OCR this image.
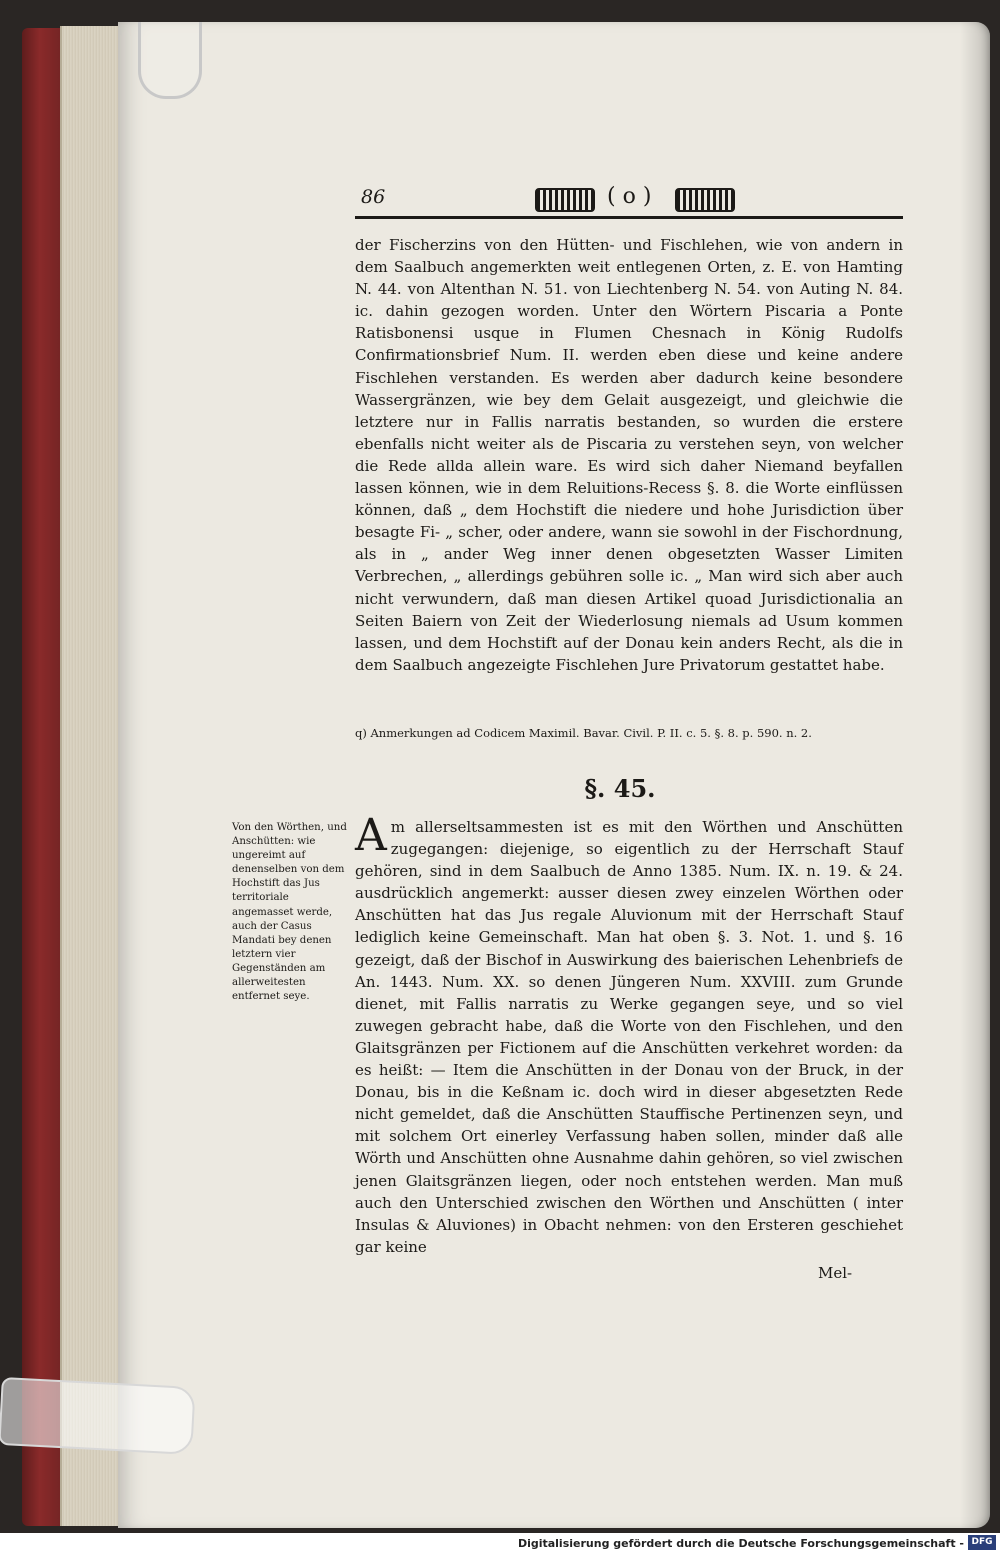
86	( o )

der Fischerzins von den Hütten- und Fischlehen, wie von andern in dem Saalbuch angemerkten weit entlegenen Orten, z. E. von Hamting N. 44. von Altenthan N. 51. von Liechtenberg N. 54. von Auting N. 84. ic. dahin gezogen worden. Unter den Wörtern Piscaria a Ponte Ratisbonensi usque in Flumen Chesnach in König Rudolfs Confirmationsbrief Num. II. werden eben diese und keine andere Fischlehen verstanden. Es werden aber dadurch keine besondere Wassergränzen, wie bey dem Gelait ausgezeigt, und gleichwie die letztere nur in Fallis narratis bestanden, so wurden die erstere ebenfalls nicht weiter als de Piscaria zu verstehen seyn, von welcher die Rede allda allein ware. Es wird sich daher Niemand beyfallen lassen können, wie in dem Reluitions-Recess §. 8. die Worte einflüssen können, daß „ dem Hochstift die niedere und hohe Jurisdiction über besagte Fi- „ scher, oder andere, wann sie sowohl in der Fischordnung, als in „ ander Weg inner denen obgesetzten Wasser Limiten Verbrechen, „ allerdings gebühren solle ic. „ Man wird sich aber auch nicht verwundern, daß man diesen Artikel quoad Jurisdictionalia an Seiten Baiern von Zeit der Wiederlosung niemals ad Usum kommen lassen, und dem Hochstift auf der Donau kein anders Recht, als die in dem Saalbuch angezeigte Fischlehen Jure Privatorum gestattet habe.

q) Anmerkungen ad Codicem Maximil. Bavar. Civil. P. II. c. 5. §. 8. p. 590. n. 2.

§. 45.

Von den Wörthen, und Anschütten: wie ungereimt auf denenselben von dem Hochstift das Jus territoriale angemasset werde, auch der Casus Mandati bey denen letztern vier Gegenständen am allerweitesten entfernet seye.

Am allerseltsammesten ist es mit den Wörthen und Anschütten zugegangen: diejenige, so eigentlich zu der Herrschaft Stauf gehören, sind in dem Saalbuch de Anno 1385. Num. IX. n. 19. & 24. ausdrücklich angemerkt: ausser diesen zwey einzelen Wörthen oder Anschütten hat das Jus regale Aluvionum mit der Herrschaft Stauf lediglich keine Gemeinschaft. Man hat oben §. 3. Not. 1. und §. 16 gezeigt, daß der Bischof in Auswirkung des baierischen Lehenbriefs de An. 1443. Num. XX. so denen Jüngeren Num. XXVIII. zum Grunde dienet, mit Fallis narratis zu Werke gegangen seye, und so viel zuwegen gebracht habe, daß die Worte von den Fischlehen, und den Glaitsgränzen per Fictionem auf die Anschütten verkehret worden: da es heißt: — Item die Anschütten in der Donau von der Bruck, in der Donau, bis in die Keßnam ic. doch wird in dieser abgesetzten Rede nicht gemeldet, daß die Anschütten Stauffische Pertinenzen seyn, und mit solchem Ort einerley Verfassung haben sollen, minder daß alle Wörth und Anschütten ohne Ausnahme dahin gehören, so viel zwischen jenen Glaitsgränzen liegen, oder noch entstehen werden. Man muß auch den Unterschied zwischen den Wörthen und Anschütten ( inter Insulas & Aluviones) in Obacht nehmen: von den Ersteren geschiehet gar keine

Mel-

Digitalisierung gefördert durch die Deutsche Forschungsgemeinschaft - DFG
